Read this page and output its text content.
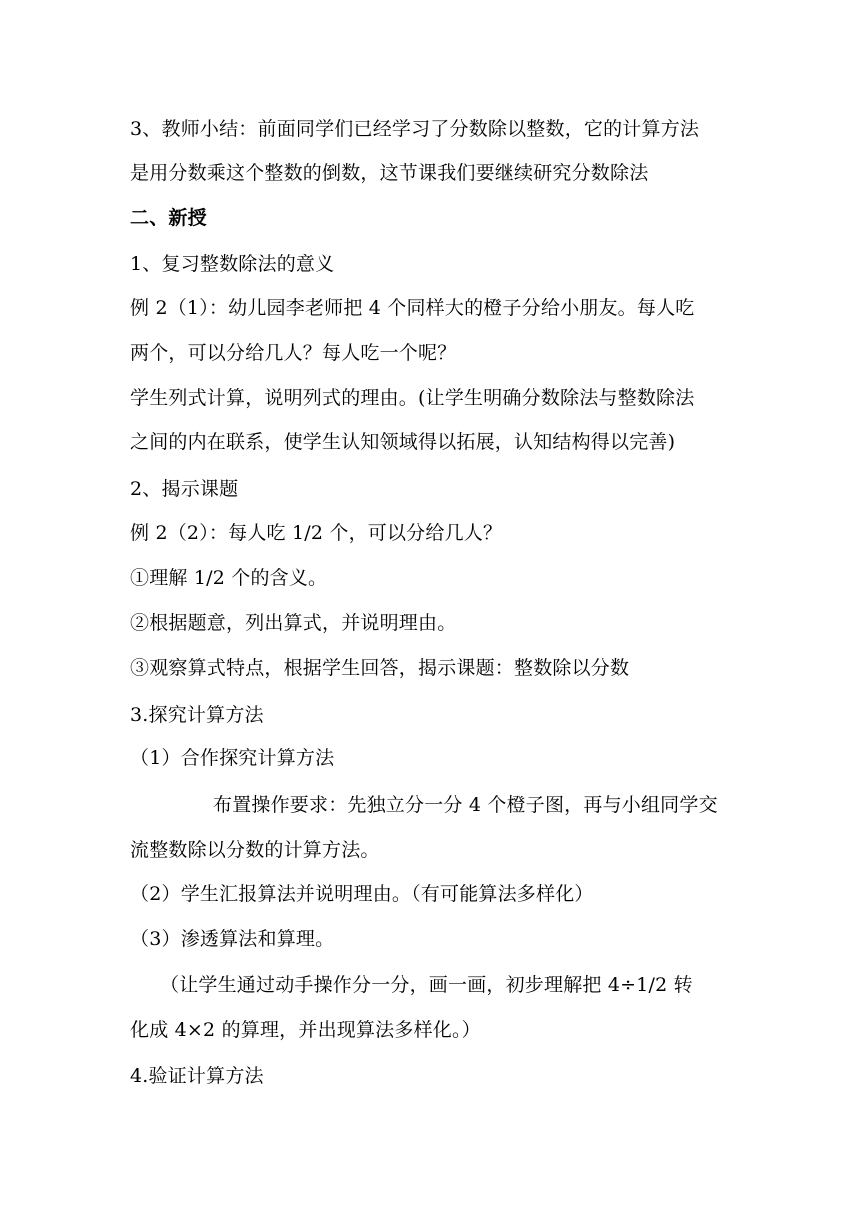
3、教师小结：前面同学们已经学习了分数除以整数，它的计算方法
是用分数乘这个整数的倒数，这节课我们要继续研究分数除法
二、新授
1、复习整数除法的意义
例 2（1）：幼儿园李老师把 4 个同样大的橙子分给小朋友。每人吃
两个，可以分给几人？每人吃一个呢？
学生列式计算，说明列式的理由。(让学生明确分数除法与整数除法
之间的内在联系，使学生认知领域得以拓展，认知结构得以完善)
2、揭示课题
例 2（2）：每人吃 1/2 个，可以分给几人？
①理解 1/2 个的含义。
②根据题意，列出算式，并说明理由。
③观察算式特点，根据学生回答，揭示课题：整数除以分数
3.探究计算方法
（1）合作探究计算方法
布置操作要求：先独立分一分 4 个橙子图，再与小组同学交
流整数除以分数的计算方法。
（2）学生汇报算法并说明理由。（有可能算法多样化）
（3）渗透算法和算理。
（让学生通过动手操作分一分，画一画，初步理解把 4÷1/2 转
化成 4×2 的算理，并出现算法多样化。）
4.验证计算方法
